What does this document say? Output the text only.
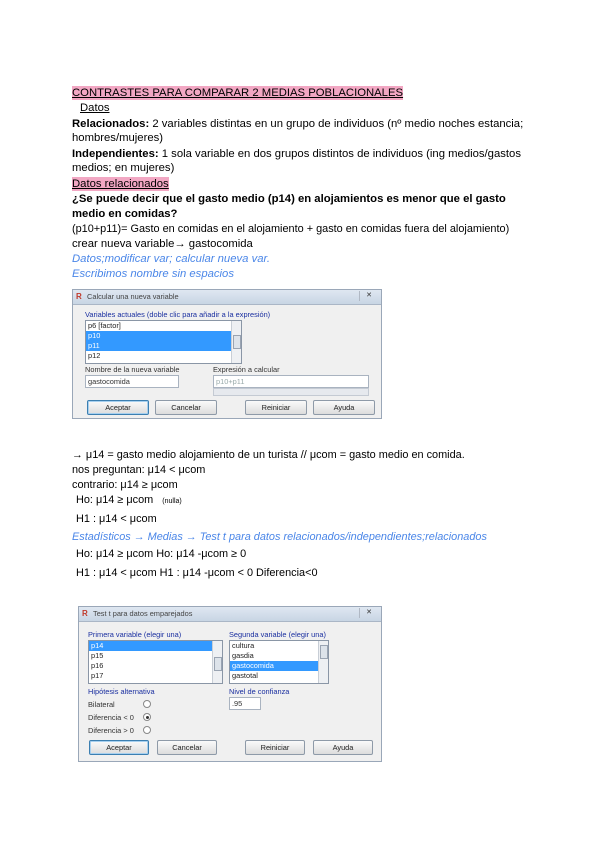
CONTRASTES PARA COMPARAR 2 MEDIAS POBLACIONALES
Datos
Relacionados: 2 variables distintas en un grupo de individuos (nº medio noches estancia;
hombres/mujeres)
Independientes: 1 sola variable en dos grupos distintos de individuos (ing medios/gastos
medios; en mujeres)
Datos relacionados
¿Se puede decir que el gasto medio (p14) en alojamientos es menor que el gasto
medio en comidas?
(p10+p11)= Gasto en comidas en el alojamiento + gasto en comidas fuera del alojamiento)
crear nueva variable→ gastocomida
Datos;modificar var; calcular nueva var.
Escribimos nombre sin espacios
R Calcular una nueva variable	✕
Variables actuales (doble clic para añadir a la expresión)
p6 [factor]
p10
p11
p12
Nombre de la nueva variable
gastocomida
Expresión a calcular
p10+p11
Aceptar	Cancelar	Reiniciar	Ayuda
→ μ14 = gasto medio alojamiento de un turista // μcom = gasto medio en comida.
nos preguntan: μ14 < μcom
contrario: μ14 ≥ μcom
Ho: μ14 ≥ μcom (nulla)
H1 : μ14 < μcom
Estadísticos → Medias → Test t para datos relacionados/independientes;relacionados
Ho: μ14 ≥ μcom Ho: μ14 -μcom ≥ 0
H1 : μ14 < μcom H1 : μ14 -μcom < 0 Diferencia<0
R Test t para datos emparejados	✕
Primera variable (elegir una)
p14
p15
p16
p17
Segunda variable (elegir una)
cultura
gasdia
gastocomida
gastotal
Hipótesis alternativa
Bilateral
Diferencia < 0
Diferencia > 0
Nivel de confianza
.95
Aceptar	Cancelar	Reiniciar	Ayuda
